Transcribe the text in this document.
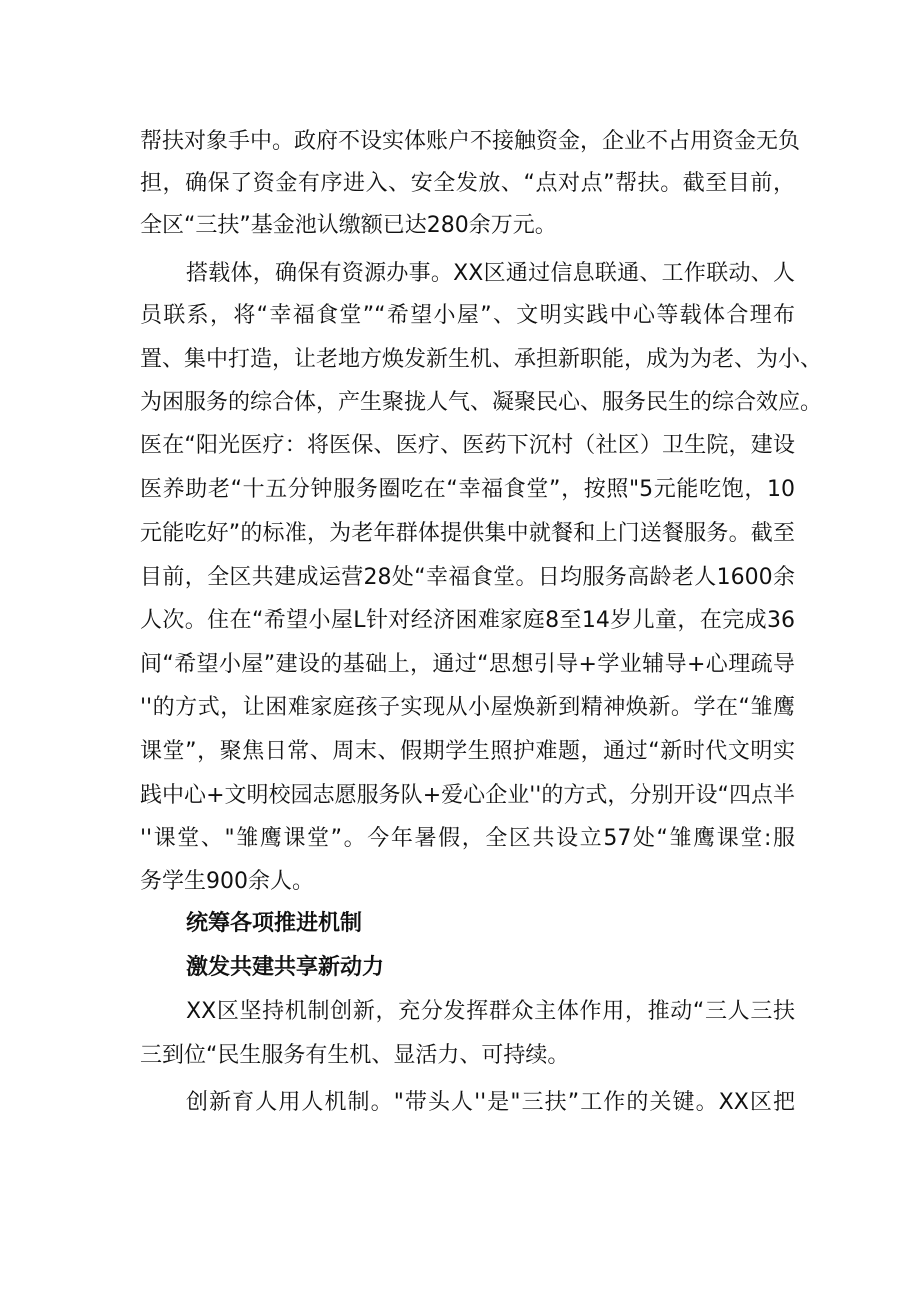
帮扶对象手中。政府不设实体账户不接触资金，企业不占用资金无负
担，确保了资金有序进入、安全发放、“点对点”帮扶。截至目前，
全区“三扶”基金池认缴额已达280余万元。
搭载体，确保有资源办事。XX区通过信息联通、工作联动、人
员联系，将“幸福食堂”“希望小屋”、文明实践中心等载体合理布
置、集中打造，让老地方焕发新生机、承担新职能，成为为老、为小、
为困服务的综合体，产生聚拢人气、凝聚民心、服务民生的综合效应。
医在“阳光医疗：将医保、医疗、医药下沉村（社区）卫生院，建设
医养助老“十五分钟服务圈吃在“幸福食堂”，按照"5元能吃饱，10
元能吃好”的标准，为老年群体提供集中就餐和上门送餐服务。截至
目前，全区共建成运营28处“幸福食堂。日均服务高龄老人1600余
人次。住在“希望小屋L针对经济困难家庭8至14岁儿童，在完成36
间“希望小屋”建设的基础上，通过“思想引导+学业辅导+心理疏导
''的方式，让困难家庭孩子实现从小屋焕新到精神焕新。学在“雏鹰
课堂”，聚焦日常、周末、假期学生照护难题，通过“新时代文明实
践中心+文明校园志愿服务队+爱心企业''的方式，分别开设“四点半
''课堂、"雏鹰课堂”。今年暑假，全区共设立57处“雏鹰课堂:服
务学生900余人。
统筹各项推进机制
激发共建共享新动力
XX区坚持机制创新，充分发挥群众主体作用，推动“三人三扶
三到位“民生服务有生机、显活力、可持续。
创新育人用人机制。"带头人''是"三扶”工作的关键。XX区把
